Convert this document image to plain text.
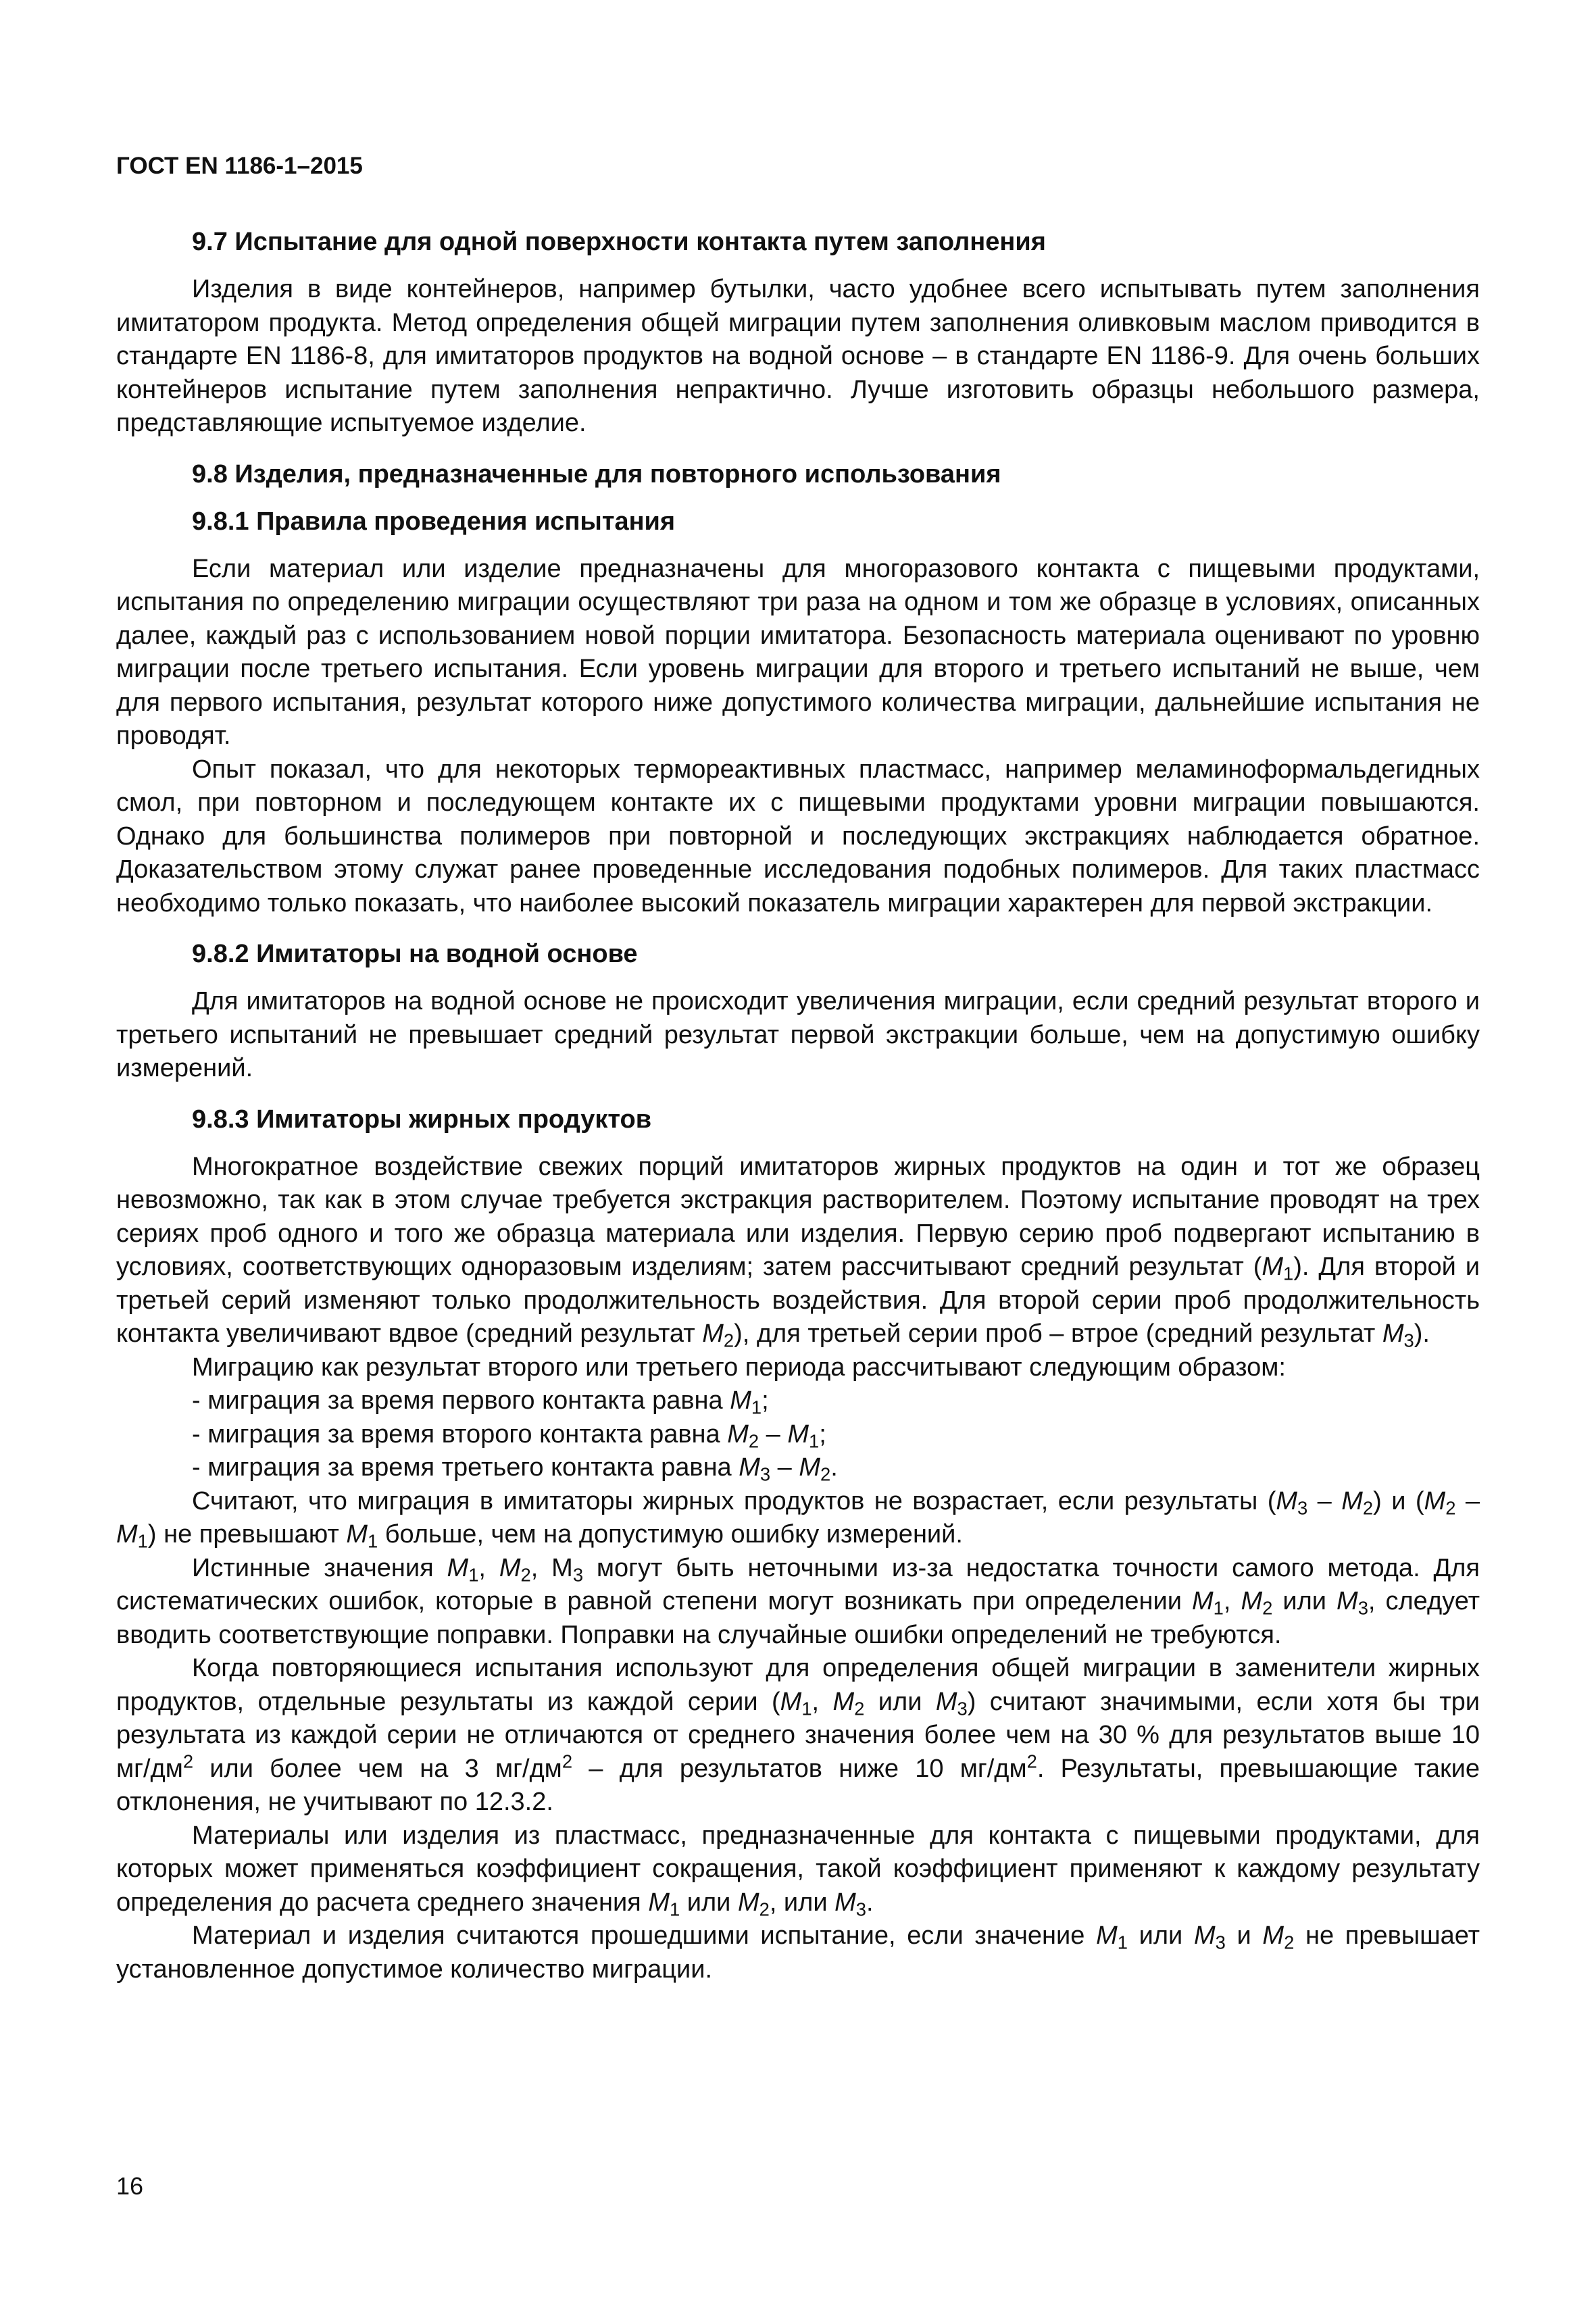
ГОСТ EN 1186-1–2015
9.7 Испытание для одной поверхности контакта путем заполнения

Изделия в виде контейнеров, например бутылки, часто удобнее всего испытывать путем заполнения имитатором продукта. Метод определения общей миграции путем заполнения оливковым маслом приводится в стандарте EN 1186-8, для имитаторов продуктов на водной основе – в стандарте EN 1186-9. Для очень больших контейнеров испытание путем заполнения непрактично. Лучше изготовить образцы небольшого размера, представляющие испытуемое изделие.

9.8 Изделия, предназначенные для повторного использования
9.8.1 Правила проведения испытания

Если материал или изделие предназначены для многоразового контакта с пищевыми продуктами, испытания по определению миграции осуществляют три раза на одном и том же образце в условиях, описанных далее, каждый раз с использованием новой порции имитатора. Безопасность материала оценивают по уровню миграции после третьего испытания. Если уровень миграции для второго и третьего испытаний не выше, чем для первого испытания, результат которого ниже допустимого количества миграции, дальнейшие испытания не проводят.

Опыт показал, что для некоторых термореактивных пластмасс, например меламиноформальдегидных смол, при повторном и последующем контакте их с пищевыми продуктами уровни миграции повышаются. Однако для большинства полимеров при повторной и последующих экстракциях наблюдается обратное. Доказательством этому служат ранее проведенные исследования подобных полимеров. Для таких пластмасс необходимо только показать, что наиболее высокий показатель миграции характерен для первой экстракции.

9.8.2 Имитаторы на водной основе

Для имитаторов на водной основе не происходит увеличения миграции, если средний результат второго и третьего испытаний не превышает средний результат первой экстракции больше, чем на допустимую ошибку измерений.

9.8.3 Имитаторы жирных продуктов

Многократное воздействие свежих порций имитаторов жирных продуктов на один и тот же образец невозможно, так как в этом случае требуется экстракция растворителем. Поэтому испытание проводят на трех сериях проб одного и того же образца материала или изделия. Первую серию проб подвергают испытанию в условиях, соответствующих одноразовым изделиям; затем рассчитывают средний результат $(M_1)$. Для второй и третьей серий изменяют только продолжительность воздействия. Для второй серии проб продолжительность контакта увеличивают вдвое (средний результат $M_2$), для третьей серии проб – втрое (средний результат $M_3$).

Миграцию как результат второго или третьего периода рассчитывают следующим образом:

- миграция за время первого контакта равна $M_1$;
- миграция за время второго контакта равна $M_2 - M_1$;
- миграция за время третьего контакта равна $M_3 - M_2$.

Считают, что миграция в имитаторы жирных продуктов не возрастает, если результаты $(M_3 - M_2)$ и $(M_2 - M_1)$ не превышают $M_1$ больше, чем на допустимую ошибку измерений.

Истинные значения $M_1$, $M_2$, $M_3$ могут быть неточными из-за недостатка точности самого метода. Для систематических ошибок, которые в равной степени могут возникать при определении $M_1$, $M_2$ или $M_3$, следует вводить соответствующие поправки. Поправки на случайные ошибки определений не требуются.

Когда повторяющиеся испытания используют для определения общей миграции в заменители жирных продуктов, отдельные результаты из каждой серии ($M_1$, $M_2$ или $M_3$) считают значимыми, если хотя бы три результата из каждой серии не отличаются от среднего значения более чем на 30 % для результатов выше 10 $мг/дм^2$ или более чем на 3 $мг/дм^2$ – для результатов ниже 10 $мг/дм^2$. Результаты, превышающие такие отклонения, не учитывают по 12.3.2.

Материалы или изделия из пластмасс, предназначенные для контакта с пищевыми продуктами, для которых может применяться коэффициент сокращения, такой коэффициент применяют к каждому результату определения до расчета среднего значения $M_1$ или $M_2$, или $M_3$.

Материал и изделия считаются прошедшими испытание, если значение $M_1$ или $M_3$ и $M_2$ не превышает установленное допустимое количество миграции.

16
